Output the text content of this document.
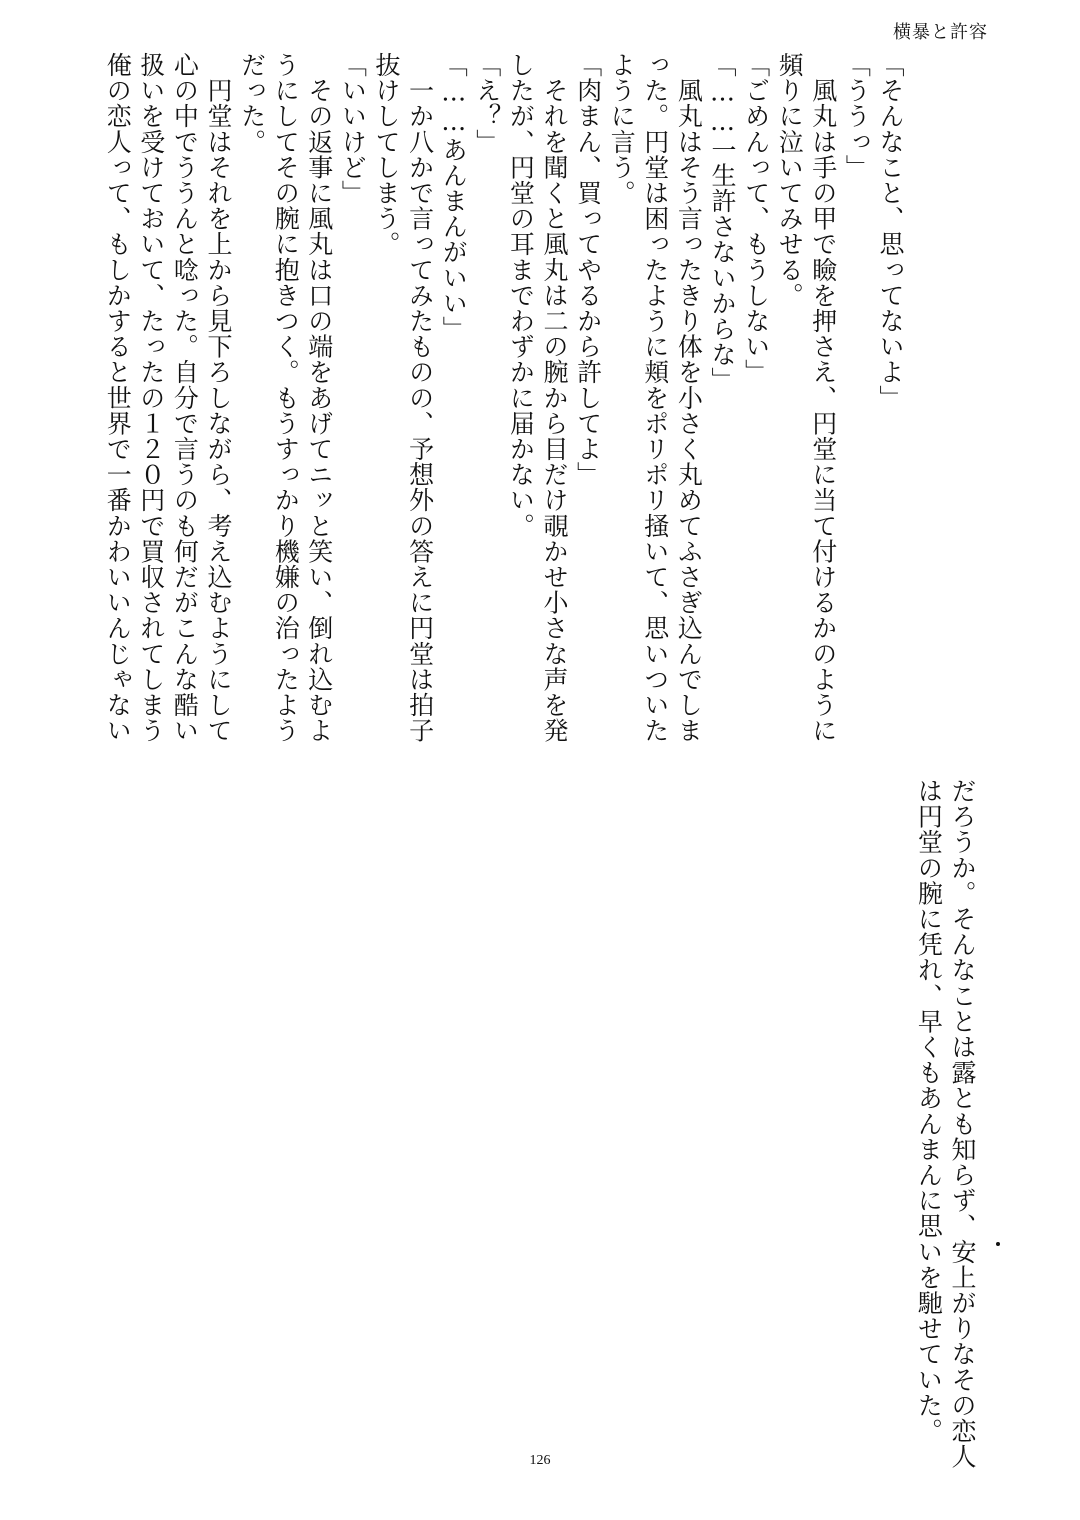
横暴と許容
「そんなこと、思ってないよ」
「ううっ」
　風丸は手の甲で瞼を押さえ、円堂に当て付けるかのように
頻りに泣いてみせる。
「ごめんって、もうしない」
「……一生許さないからな」
　風丸はそう言ったきり体を小さく丸めてふさぎ込んでしま
った。円堂は困ったように頬をポリポリ掻いて、思いついた
ように言う。
「肉まん、買ってやるから許してよ」
　それを聞くと風丸は二の腕から目だけ覗かせ小さな声を発
したが、円堂の耳までわずかに届かない。
「え？」
「……あんまんがいい」
　一か八かで言ってみたものの、予想外の答えに円堂は拍子
抜けしてしまう。
「いいけど」
　その返事に風丸は口の端をあげてニッと笑い、倒れ込むよ
うにしてその腕に抱きつく。もうすっかり機嫌の治ったよう
だった。
　円堂はそれを上から見下ろしながら、考え込むようにして
心の中でううんと唸った。自分で言うのも何だがこんな酷い
扱いを受けておいて、たったの１２０円で買収されてしまう
俺の恋人って、もしかすると世界で一番かわいいんじゃない
だろうか。そんなことは露とも知らず、安上がりなその恋人
は円堂の腕に凭れ、早くもあんまんに思いを馳せていた。
126
